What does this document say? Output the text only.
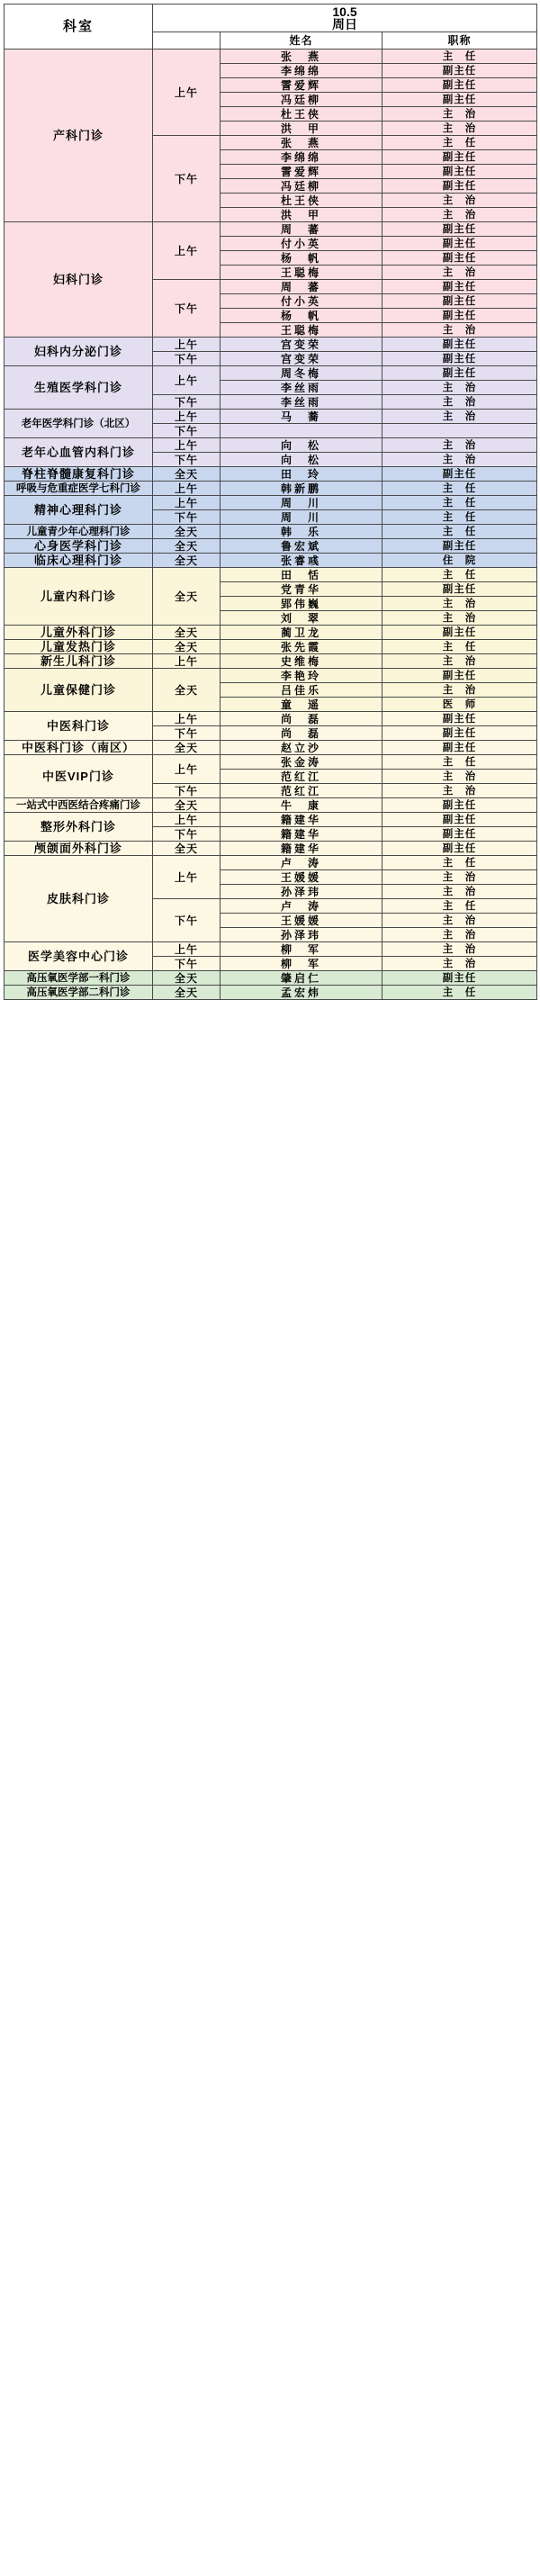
科室	10.5
周日		

		姓名	职称
产科门诊	上午	张　燕	主　任
		李绵绵	副主任
		霅爱辉	副主任
		冯廷柳	副主任
		杜王侠	主　治
		洪　甲	主　治
	下午	张　燕	主　任
		李绵绵	副主任
		霅爱辉	副主任
		冯廷柳	副主任
		杜王侠	主　治
		洪　甲	主　治
妇科门诊	上午	周　蕃	副主任
		付小英	副主任
		杨　帆	副主任
		王聪梅	主　治
	下午	周　蕃	副主任
		付小英	副主任
		杨　帆	副主任
		王聪梅	主　治
妇科内分泌门诊	上午	宫变荣	副主任
	下午	宫变荣	副主任
生殖医学科门诊	上午	周冬梅	副主任
		李丝雨	主　治
	下午	李丝雨	主　治
老年医学科门诊（北区）	上午	马　蕎	主　治
	下午		
老年心血管内科门诊	上午	向　松	主　治
	下午	向　松	主　治
脊柱脊髓康复科门诊	全天	田　玲	副主任
呼吸与危重症医学七科门诊	上午	韩新鹏	主　任
精神心理科门诊	上午	周　川	主　任
	下午	周　川	主　任
儿童青少年心理科门诊	全天	韩　乐	主　任
心身医学科门诊	全天	鲁宏斌	副主任
临床心理科门诊	全天	张睿彧	住　院
儿童内科门诊	全天	田　恬	主　任
		党青华	副主任
		郢伟巍	主　治
		刘　翠	主　治
儿童外科门诊	全天	蔺卫龙	副主任
儿童发热门诊	全天	张先霞	主　任
新生儿科门诊	上午	史维梅	主　治
儿童保健门诊	全天	李艳玲	副主任
		吕佳乐	主　治
		童　遥	医　师
中医科门诊	上午	尚　磊	副主任
	下午	尚　磊	副主任
中医科门诊（南区）	全天	赵立沙	副主任
中医VIP门诊	上午	张金涛	主　任
		范红江	主　治
	下午	范红江	主　治
一站式中西医结合疼痛门诊	全天	牛　康	副主任
整形外科门诊	上午	籍建华	副主任
	下午	籍建华	副主任
颅颌面外科门诊	全天	籍建华	副主任
皮肤科门诊	上午	卢　涛	主　任
		王媛媛	主　治
		孙泽玮	主　治
	下午	卢　涛	主　任
		王媛媛	主　治
		孙泽玮	主　治
医学美容中心门诊	上午	柳　军	主　治
	下午	柳　军	主　治
高压氧医学部一科门诊	全天	肇启仁	副主任
高压氧医学部二科门诊	全天	孟宏炜	主　任
